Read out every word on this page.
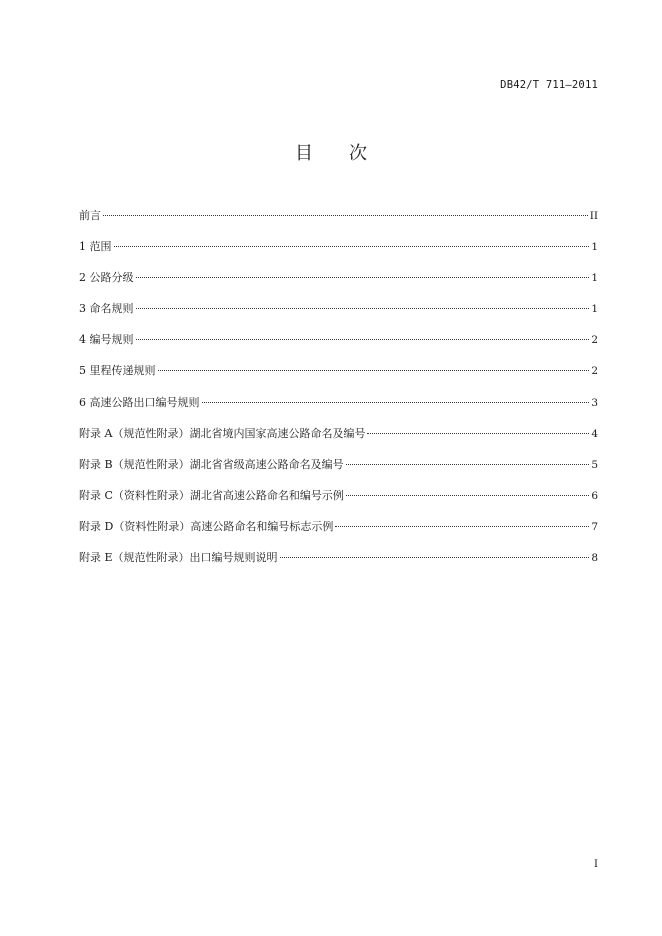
DB42/T 711—2011
目 次
前言	II
1 范围	1
2 公路分级	1
3 命名规则	1
4 编号规则	2
5 里程传递规则	2
6 高速公路出口编号规则	3
附录 A（规范性附录）湖北省境内国家高速公路命名及编号	4
附录 B（规范性附录）湖北省省级高速公路命名及编号	5
附录 C（资料性附录）湖北省高速公路命名和编号示例	6
附录 D（资料性附录）高速公路命名和编号标志示例	7
附录 E（规范性附录）出口编号规则说明	8
I
